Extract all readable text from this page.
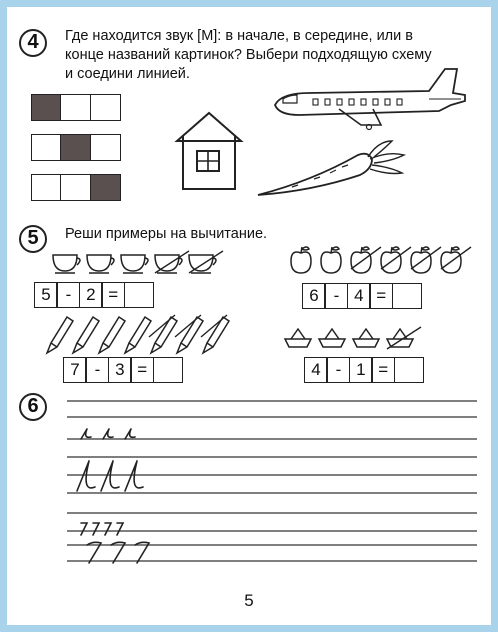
4	Где находится звук [М]: в начале, в середине, или в
конце названий картинок? Выбери подходящую схему
и соедини линией.
5	Реши примеры на вычитание.
5 - 2 =	6 - 4 =
7 - 3 =	4 - 1 =
6
5
